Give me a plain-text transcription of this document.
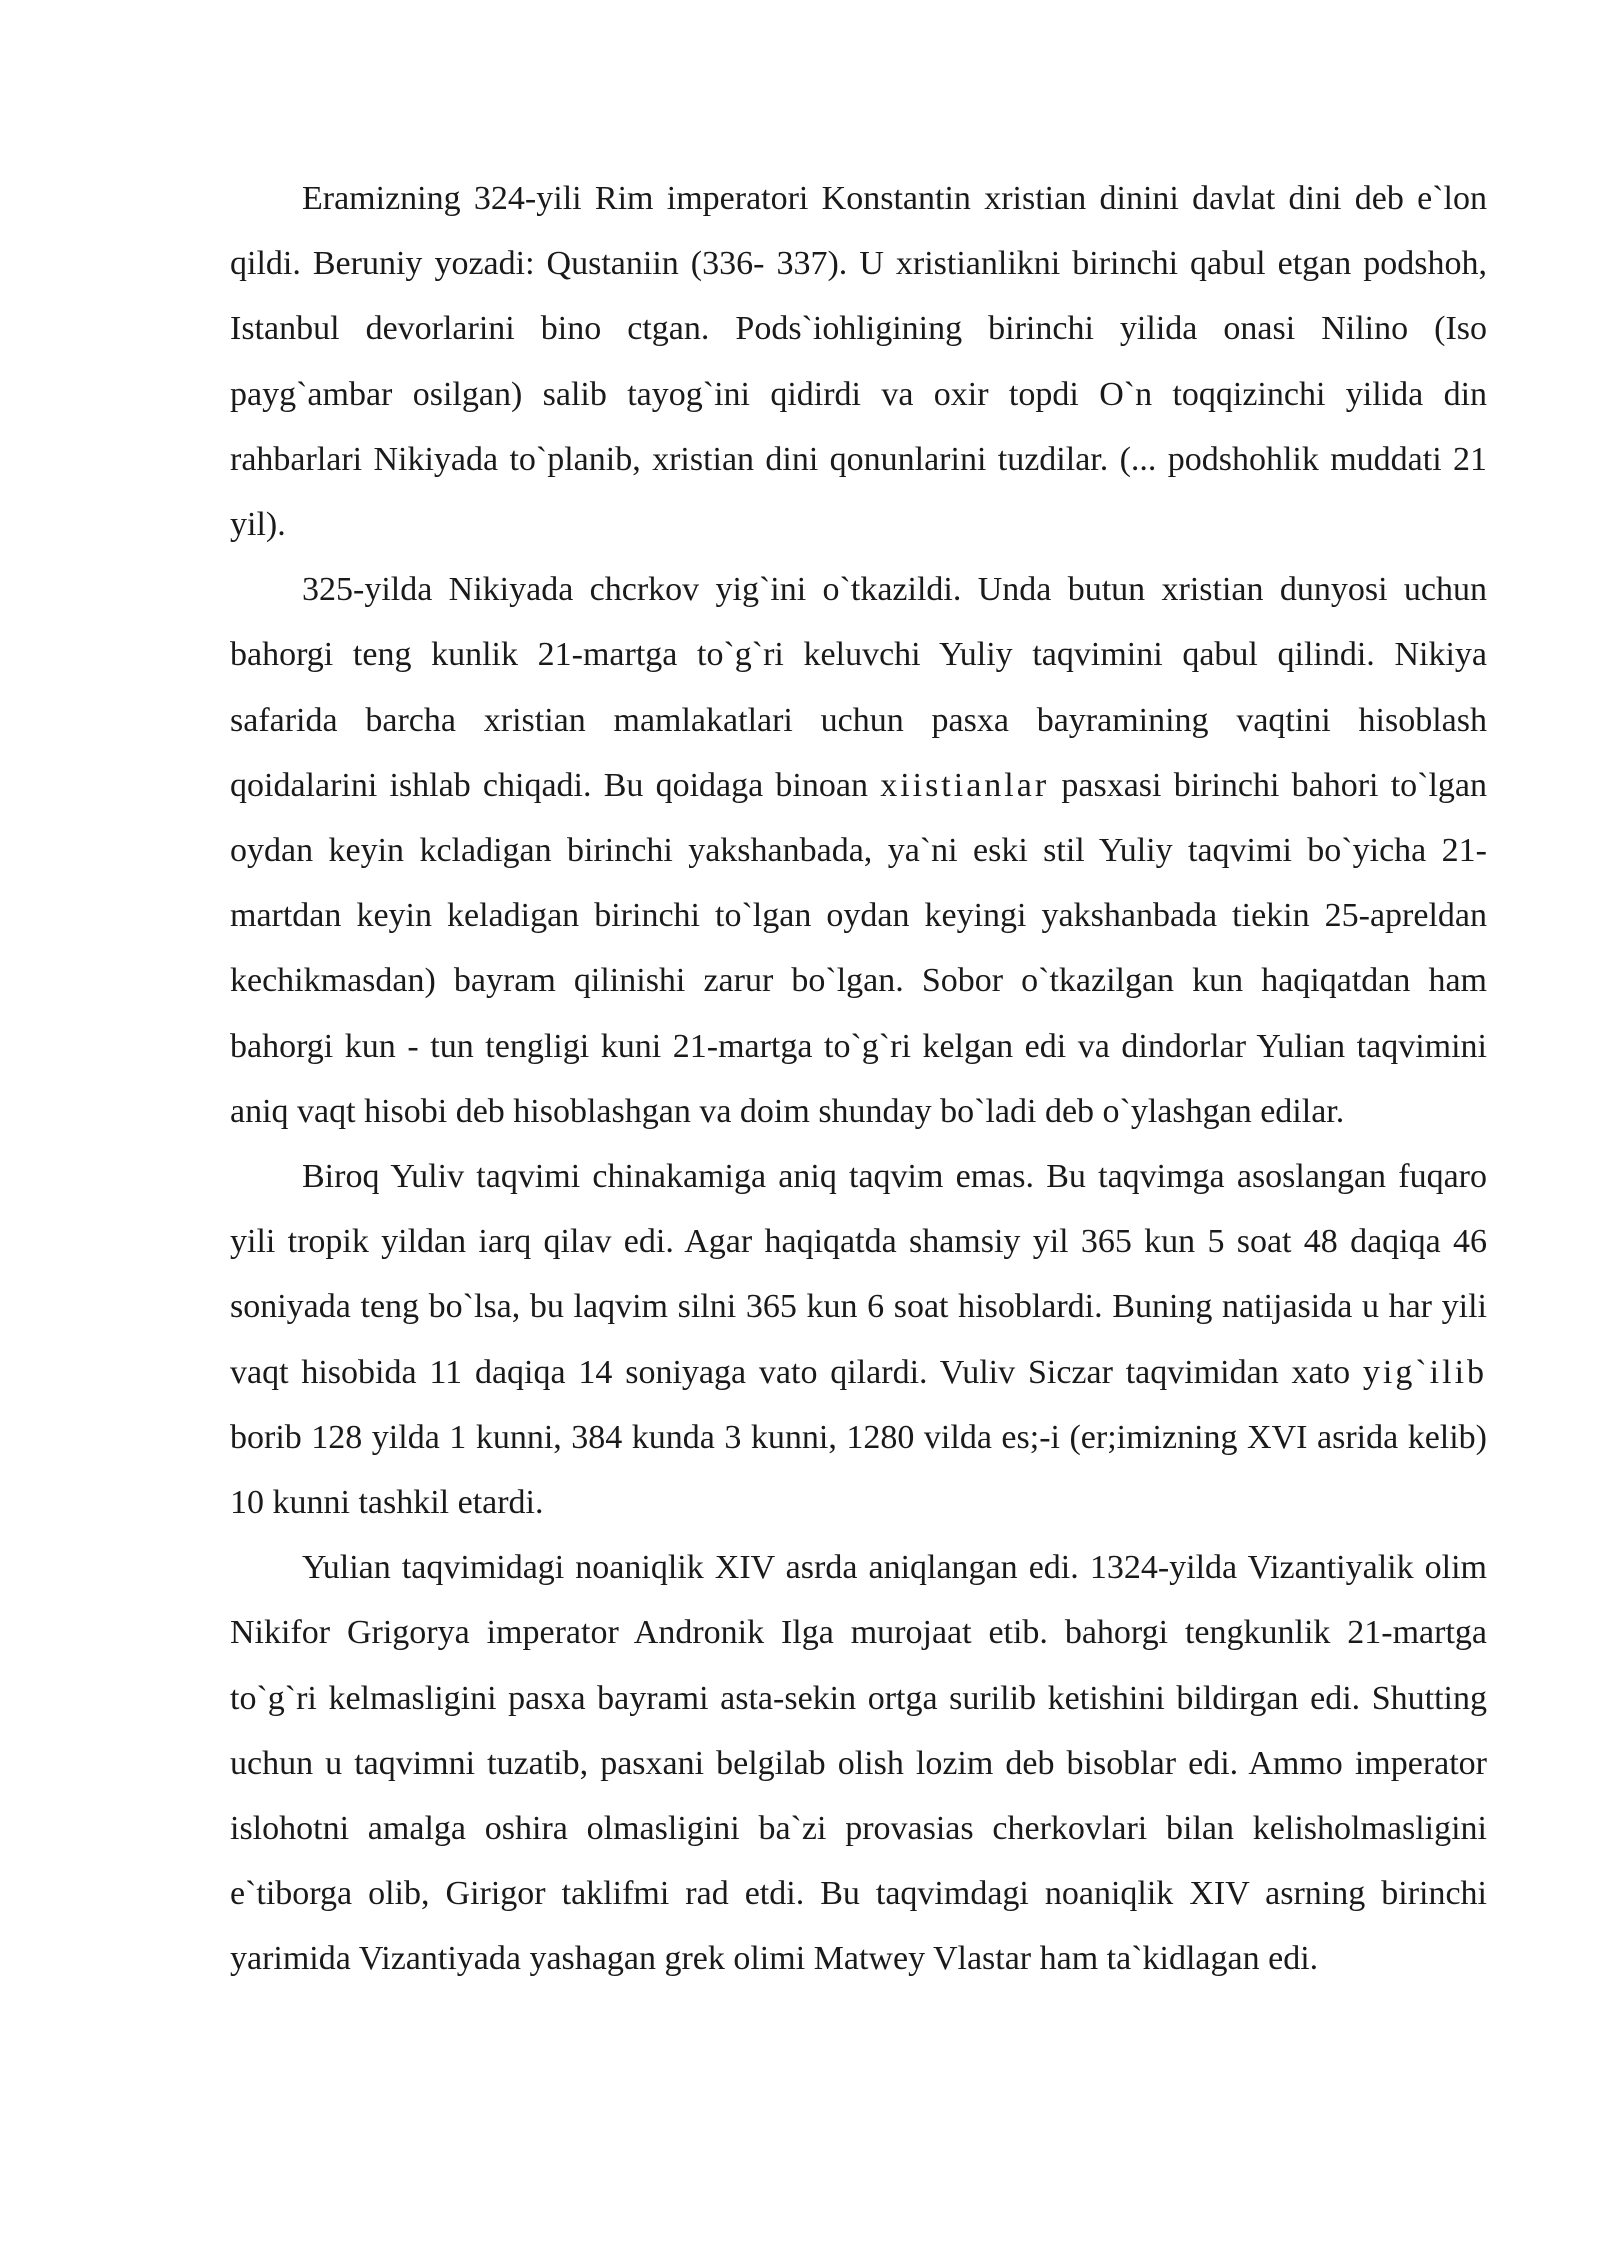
Eramizning 324-yili Rim imperatori Konstantin xristian dinini davlat dini deb e`lon qildi. Beruniy yozadi: Qustaniin (336- 337). U xristianlikni birinchi qabul etgan podshoh, Istanbul devorlarini bino ctgan. Pods`iohligining birinchi yilida onasi Nilino (Iso payg`ambar osilgan) salib tayog`ini qidirdi va oxir topdi O`n toqqizinchi yilida din rahbarlari Nikiyada to`planib, xristian dini qonunlarini tuzdilar. (... podshohlik muddati 21 yil).

325-yilda Nikiyada chcrkov yig`ini o`tkazildi. Unda butun xristian dunyosi uchun bahorgi teng kunlik 21-martga to`g`ri keluvchi Yuliy taqvimini qabul qilindi. Nikiya safarida barcha xristian mamlakatlari uchun pasxa bayramining vaqtini hisoblash qoidalarini ishlab chiqadi. Bu qoidaga binoan xiistianlar pasxasi birinchi bahori to`lgan oydan keyin kcladigan birinchi yakshanbada, ya`ni eski stil Yuliy taqvimi bo`yicha 21-martdan keyin keladigan birinchi to`lgan oydan keyingi yakshanbada tiekin 25-apreldan kechikmasdan) bayram qilinishi zarur bo`lgan. Sobor o`tkazilgan kun haqiqatdan ham bahorgi kun - tun tengligi kuni 21-martga to`g`ri kelgan edi va dindorlar Yulian taqvimini aniq vaqt hisobi deb hisoblashgan va doim shunday bo`ladi deb o`ylashgan edilar.

Biroq Yuliv taqvimi chinakamiga aniq taqvim emas. Bu taqvimga asoslangan fuqaro yili tropik yildan iarq qilav edi. Agar haqiqatda shamsiy yil 365 kun 5 soat 48 daqiqa 46 soniyada teng bo`lsa, bu laqvim silni 365 kun 6 soat hisoblardi. Buning natijasida u har yili vaqt hisobida 11 daqiqa 14 soniyaga vato qilardi. Vuliv Siczar taqvimidan xato yig`ilib borib 128 yilda 1 kunni, 384 kunda 3 kunni, 1280 vilda es;-i (er;imizning XVI asrida kelib) 10 kunni tashkil etardi.

Yulian taqvimidagi noaniqlik XIV asrda aniqlangan edi. 1324-yilda Vizantiyalik olim Nikifor Grigorya imperator Andronik Ilga murojaat etib. bahorgi tengkunlik 21-martga to`g`ri kelmasligini pasxa bayrami asta-sekin ortga surilib ketishini bildirgan edi. Shutting uchun u taqvimni tuzatib, pasxani belgilab olish lozim deb bisoblar edi. Ammo imperator islohotni amalga oshira olmasligini ba`zi provasias cherkovlari bilan kelisholmasligini e`tiborga olib, Girigor taklifmi rad etdi. Bu taqvimdagi noaniqlik XIV asrning birinchi yarimida Vizantiyada yashagan grek olimi Matwey Vlastar ham ta`kidlagan edi.
